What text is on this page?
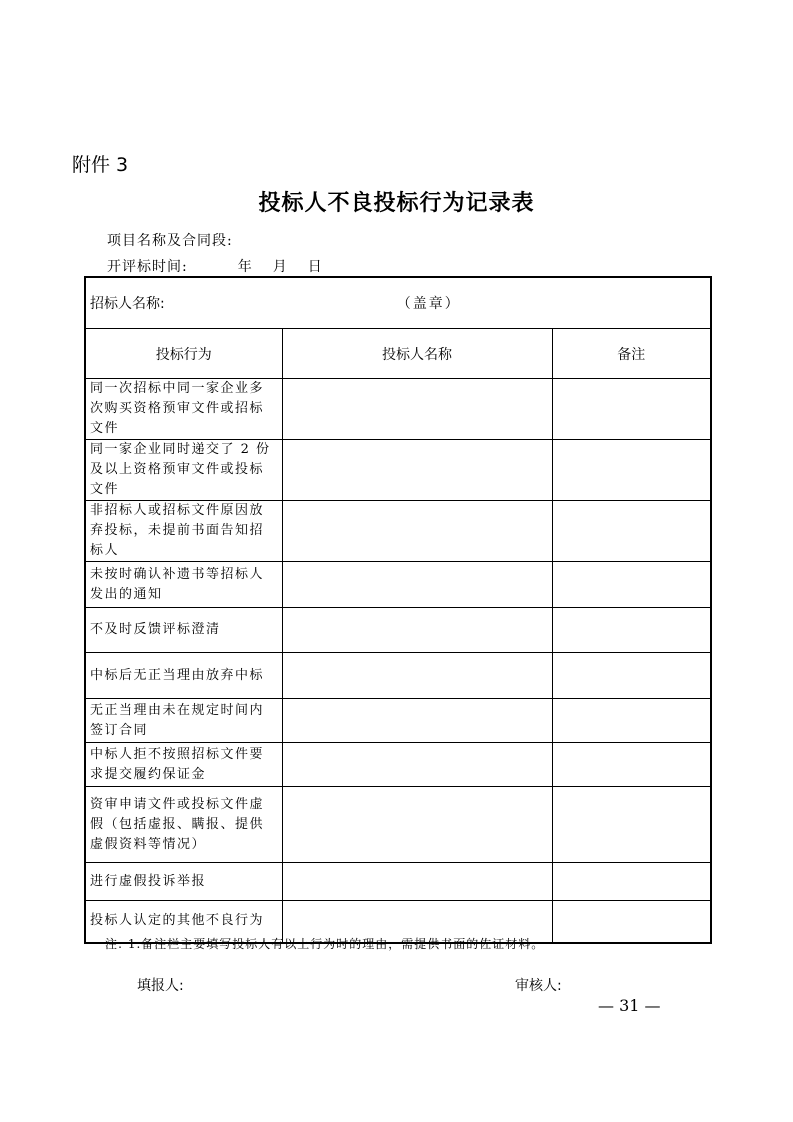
附件 3
投标人不良投标行为记录表
项目名称及合同段:
开评标时间:	年 月 日
招标人名称: （盖章）		
投标行为	投标人名称	备注
同一次招标中同一家企业多次购买资格预审文件或招标文件		
同一家企业同时递交了 2 份及以上资格预审文件或投标文件		
非招标人或招标文件原因放弃投标，未提前书面告知招标人		
未按时确认补遗书等招标人发出的通知		
不及时反馈评标澄清		
中标后无正当理由放弃中标		
无正当理由未在规定时间内签订合同		
中标人拒不按照招标文件要求提交履约保证金		
资审申请文件或投标文件虚假（包括虚报、瞒报、提供虚假资料等情况）		
进行虚假投诉举报		
投标人认定的其他不良行为		
注: 1.备注栏主要填写投标人有以上行为时的理由，需提供书面的佐证材料。
填报人:	审核人:
— 31 —
